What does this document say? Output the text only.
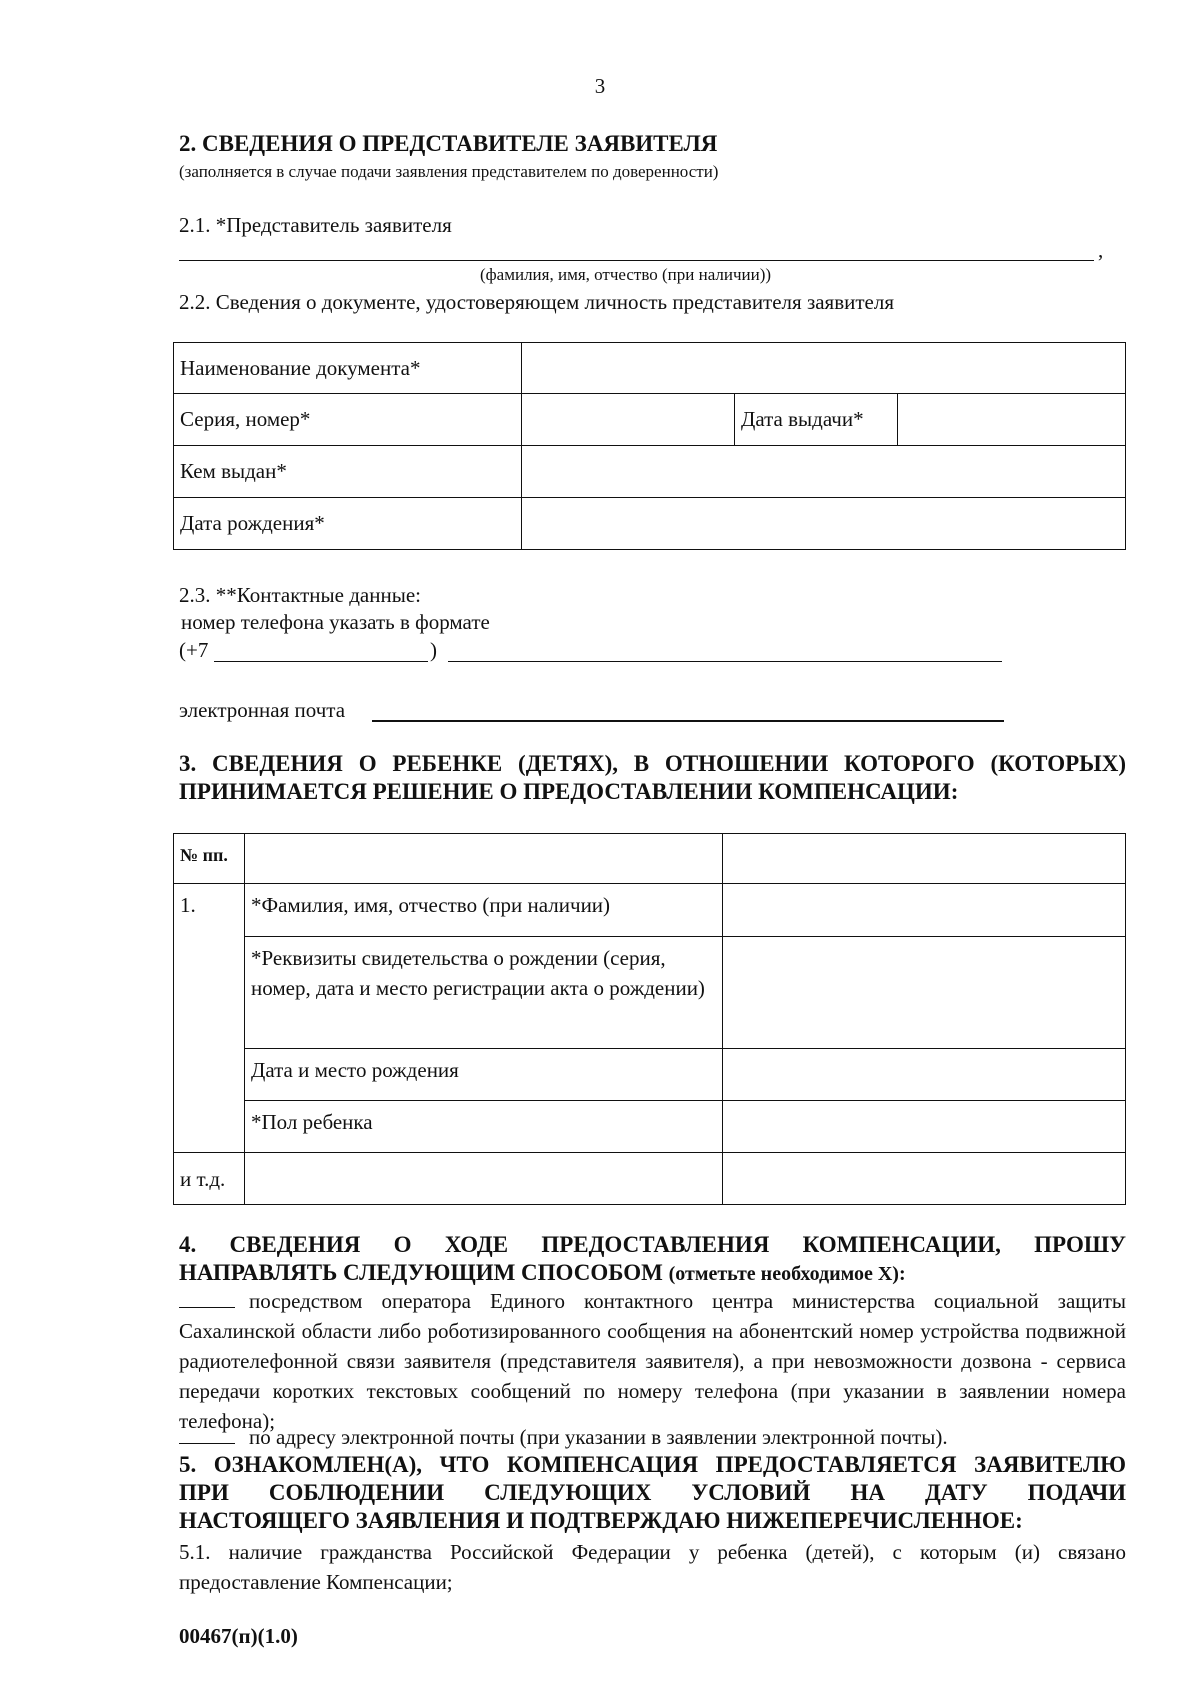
3
2. СВЕДЕНИЯ О ПРЕДСТАВИТЕЛЕ ЗАЯВИТЕЛЯ
(заполняется в случае подачи заявления представителем по доверенности)
2.1. *Представитель заявителя
,
(фамилия, имя, отчество (при наличии))
2.2. Сведения о документе, удостоверяющем личность представителя заявителя
Наименование документа*			
Серия, номер*		Дата выдачи*	
Кем выдан*			
Дата рождения*			
2.3. **Контактные данные:
номер телефона указать в формате
(+7	)
электронная почта
3. СВЕДЕНИЯ О РЕБЕНКЕ (ДЕТЯХ), В ОТНОШЕНИИ КОТОРОГО (КОТОРЫХ)
ПРИНИМАЕТСЯ РЕШЕНИЕ О ПРЕДОСТАВЛЕНИИ КОМПЕНСАЦИИ:
№ пп.		
1.	*Фамилия, имя, отчество (при наличии)	
	*Реквизиты свидетельства о рождении (серия, номер, дата и место регистрации акта о рождении)	
	Дата и место рождения	
	*Пол ребенка	
и т.д.		
4. СВЕДЕНИЯ О ХОДЕ ПРЕДОСТАВЛЕНИЯ КОМПЕНСАЦИИ, ПРОШУ
НАПРАВЛЯТЬ СЛЕДУЮЩИМ СПОСОБОМ (отметьте необходимое Х):
посредством оператора Единого контактного центра министерства социальной защиты Сахалинской области либо роботизированного сообщения на абонентский номер устройства подвижной радиотелефонной связи заявителя (представителя заявителя), а при невозможности дозвона - сервиса передачи коротких текстовых сообщений по номеру телефона (при указании в заявлении номера телефона);
по адресу электронной почты (при указании в заявлении электронной почты).
5. ОЗНАКОМЛЕН(А), ЧТО КОМПЕНСАЦИЯ ПРЕДОСТАВЛЯЕТСЯ ЗАЯВИТЕЛЮ
ПРИ СОБЛЮДЕНИИ СЛЕДУЮЩИХ УСЛОВИЙ НА ДАТУ ПОДАЧИ
НАСТОЯЩЕГО ЗАЯВЛЕНИЯ И ПОДТВЕРЖДАЮ НИЖЕПЕРЕЧИСЛЕННОЕ:
5.1. наличие гражданства Российской Федерации у ребенка (детей), с которым (и) связано предоставление Компенсации;
00467(п)(1.0)
